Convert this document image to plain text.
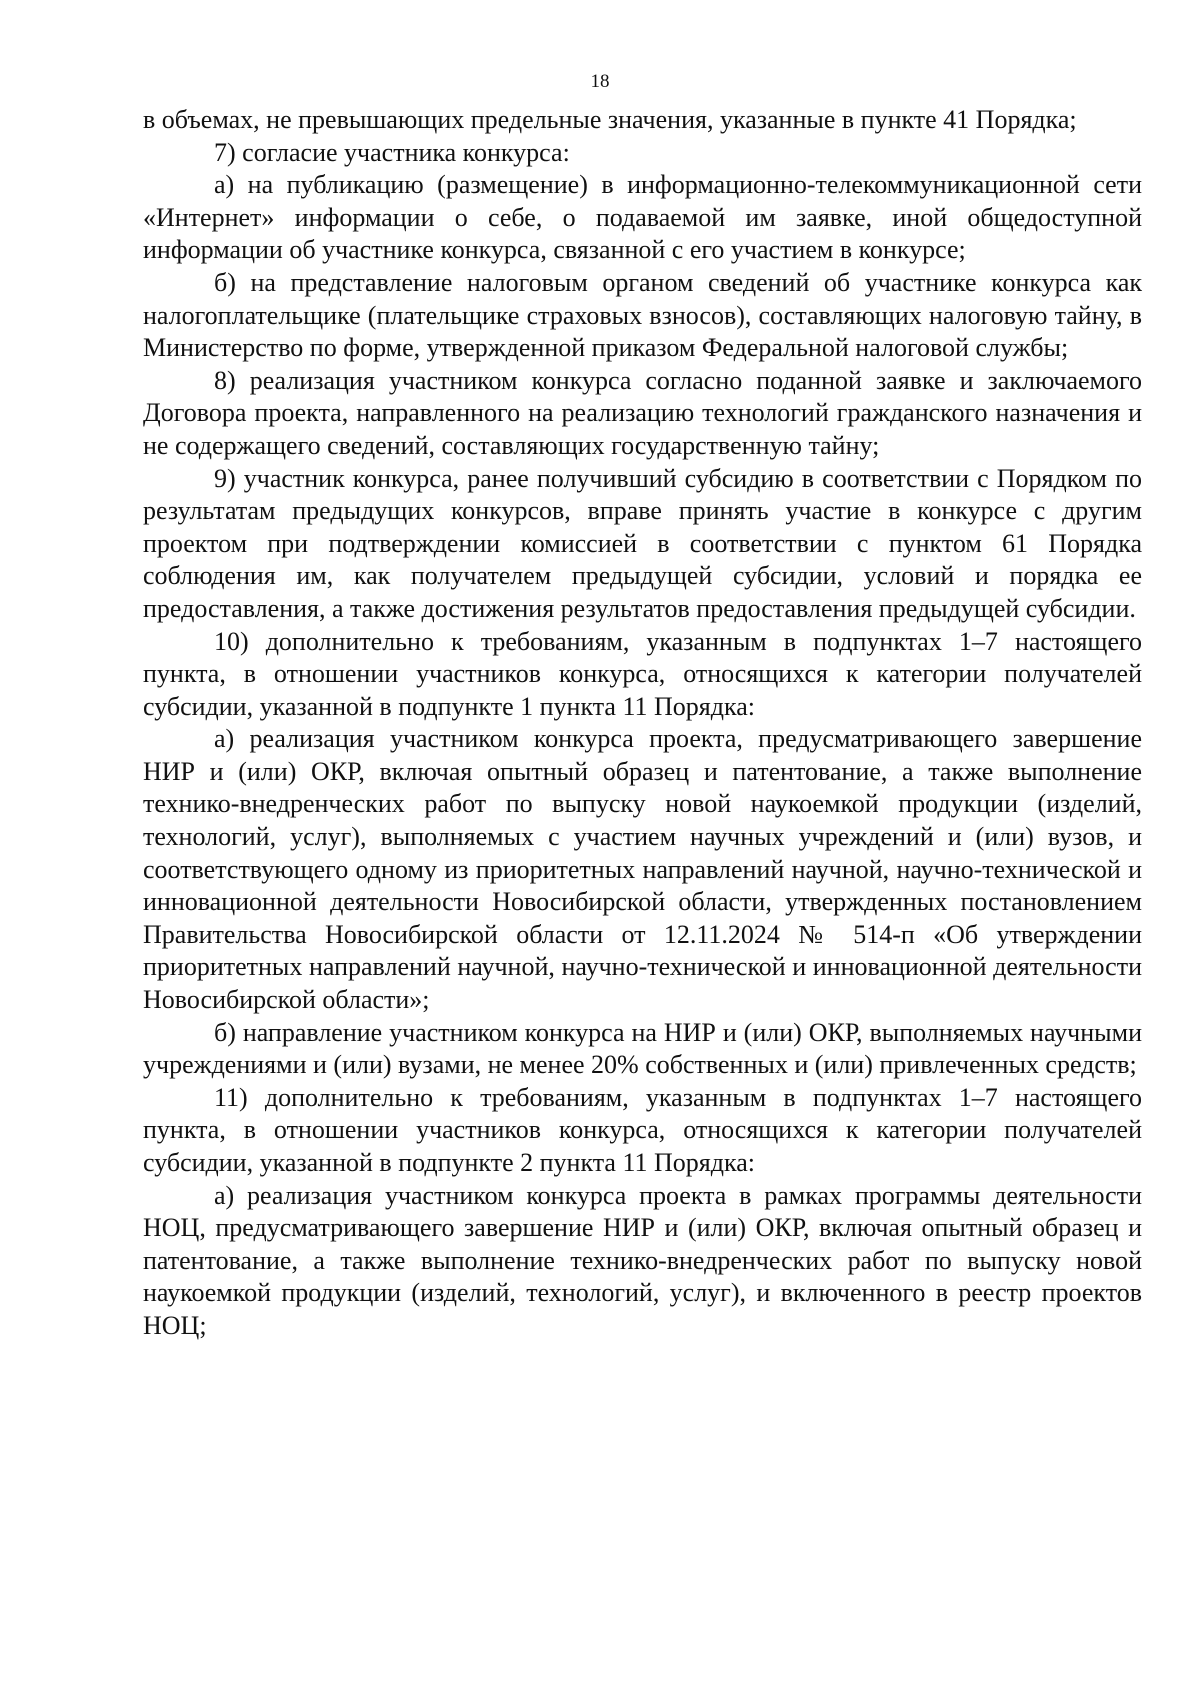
18

в объемах, не превышающих предельные значения, указанные в пункте 41 Порядка;

7) согласие участника конкурса:

а) на публикацию (размещение) в информационно-телекоммуникационной сети «Интернет» информации о себе, о подаваемой им заявке, иной общедоступной информации об участнике конкурса, связанной с его участием в конкурсе;

б) на представление налоговым органом сведений об участнике конкурса как налогоплательщике (плательщике страховых взносов), составляющих налоговую тайну, в Министерство по форме, утвержденной приказом Федеральной налоговой службы;

8) реализация участником конкурса согласно поданной заявке и заключаемого Договора проекта, направленного на реализацию технологий гражданского назначения и не содержащего сведений, составляющих государственную тайну;

9) участник конкурса, ранее получивший субсидию в соответствии с Порядком по результатам предыдущих конкурсов, вправе принять участие в конкурсе с другим проектом при подтверждении комиссией в соответствии с пунктом 61 Порядка соблюдения им, как получателем предыдущей субсидии, условий и порядка ее предоставления, а также достижения результатов предоставления предыдущей субсидии.

10) дополнительно к требованиям, указанным в подпунктах 1–7 настоящего пункта, в отношении участников конкурса, относящихся к категории получателей субсидии, указанной в подпункте 1 пункта 11 Порядка:

а) реализация участником конкурса проекта, предусматривающего завершение НИР и (или) ОКР, включая опытный образец и патентование, а также выполнение технико-внедренческих работ по выпуску новой наукоемкой продукции (изделий, технологий, услуг), выполняемых с участием научных учреждений и (или) вузов, и соответствующего одному из приоритетных направлений научной, научно-технической и инновационной деятельности Новосибирской области, утвержденных постановлением Правительства Новосибирской области от 12.11.2024 № 514-п «Об утверждении приоритетных направлений научной, научно-технической и инновационной деятельности Новосибирской области»;

б) направление участником конкурса на НИР и (или) ОКР, выполняемых научными учреждениями и (или) вузами, не менее 20% собственных и (или) привлеченных средств;

11) дополнительно к требованиям, указанным в подпунктах 1–7 настоящего пункта, в отношении участников конкурса, относящихся к категории получателей субсидии, указанной в подпункте 2 пункта 11 Порядка:

а) реализация участником конкурса проекта в рамках программы деятельности НОЦ, предусматривающего завершение НИР и (или) ОКР, включая опытный образец и патентование, а также выполнение технико-внедренческих работ по выпуску новой наукоемкой продукции (изделий, технологий, услуг), и включенного в реестр проектов НОЦ;
